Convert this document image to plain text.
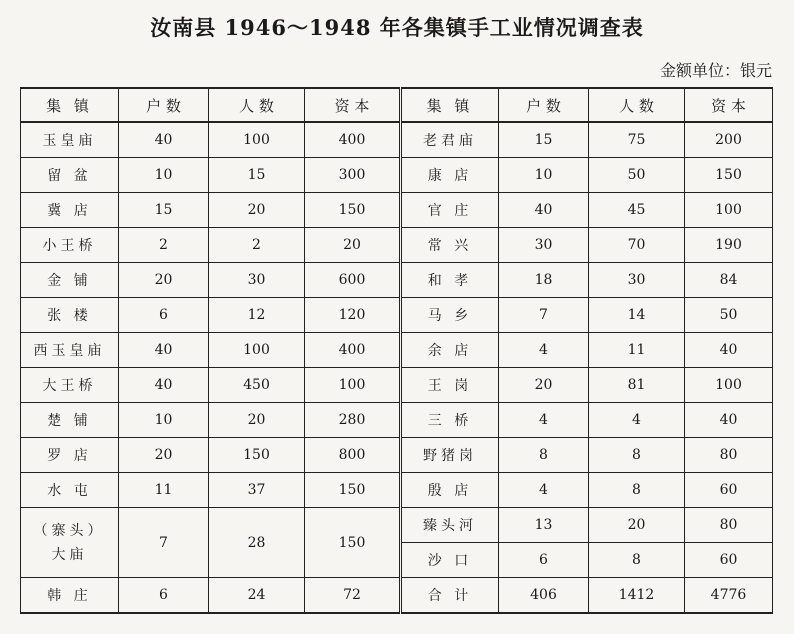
汝南县 1946～1948 年各集镇手工业情况调查表
金额单位：银元
集 镇	户 数	人 数	资 本	集 镇	户 数	人 数	资 本
玉皇庙	40	100	400	老君庙	15	75	200
留 盆	10	15	300	康 店	10	50	150
冀 店	15	20	150	官 庄	40	45	100
小王桥	2	2	20	常 兴	30	70	190
金 铺	20	30	600	和 孝	18	30	84
张 楼	6	12	120	马 乡	7	14	50
西玉皇庙	40	100	400	余 店	4	11	40
大王桥	40	450	100	王 岗	20	81	100
楚 铺	10	20	280	三 桥	4	4	40
罗 店	20	150	800	野猪岗	8	8	80
水 屯	11	37	150	殷 店	4	8	60

（寨头）
大庙	7	28	150	臻头河	13	20	80
				沙 口	6	8	60
韩 庄	6	24	72	合 计	406	1412	4776
